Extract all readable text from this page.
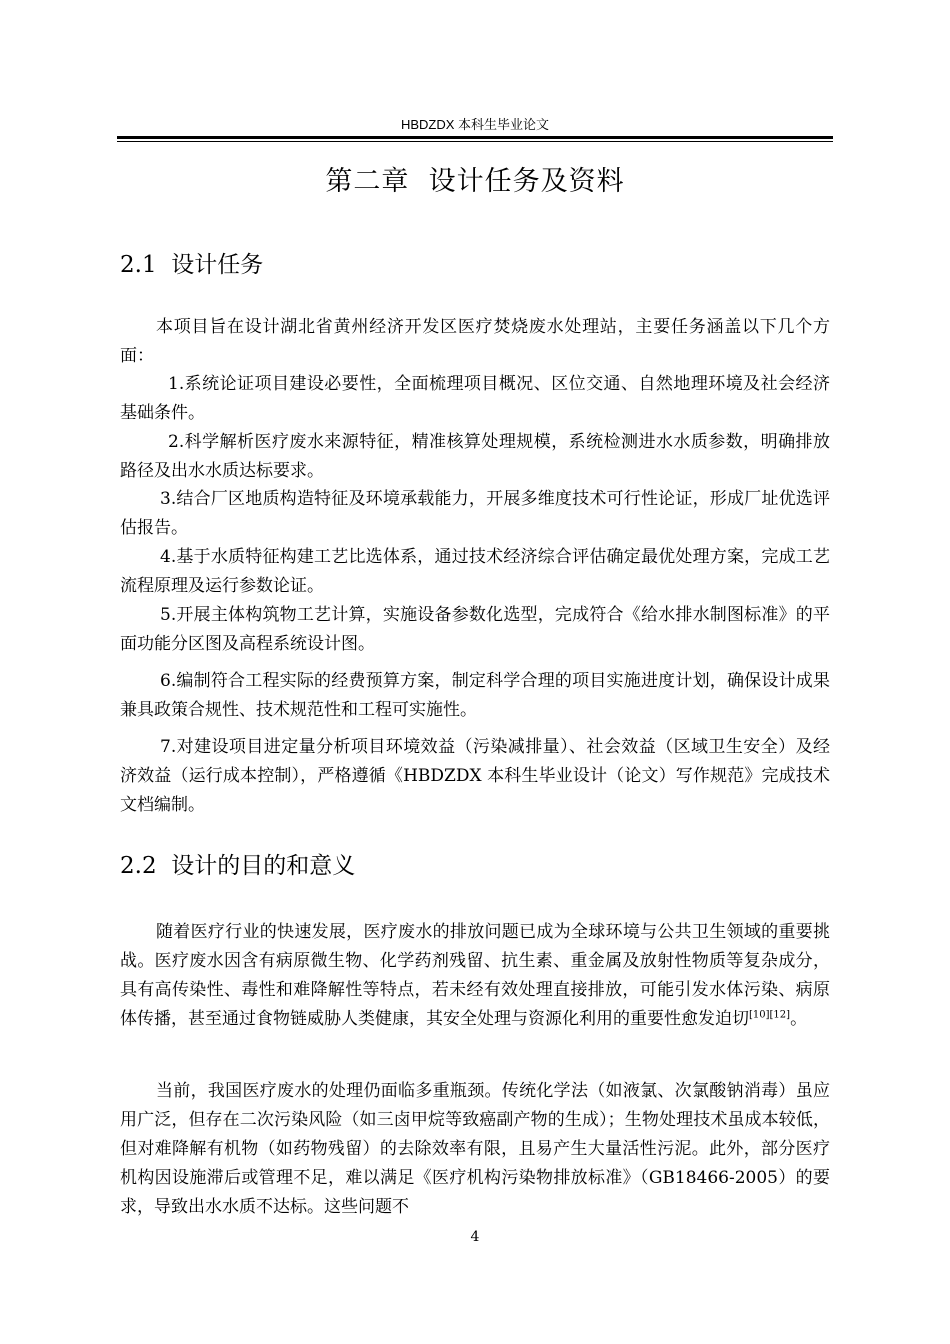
HBDZDX 本科生毕业论文
第二章  设计任务及资料
2.1  设计任务

本项目旨在设计湖北省黄州经济开发区医疗焚烧废水处理站，主要任务涵盖以下几个方面：

1.系统论证项目建设必要性，全面梳理项目概况、区位交通、自然地理环境及社会经济基础条件。

2.科学解析医疗废水来源特征，精准核算处理规模，系统检测进水水质参数，明确排放路径及出水水质达标要求。

3.结合厂区地质构造特征及环境承载能力，开展多维度技术可行性论证，形成厂址优选评估报告。

4.基于水质特征构建工艺比选体系，通过技术经济综合评估确定最优处理方案，完成工艺流程原理及运行参数论证。

5.开展主体构筑物工艺计算，实施设备参数化选型，完成符合《给水排水制图标准》的平面功能分区图及高程系统设计图。

6.编制符合工程实际的经费预算方案，制定科学合理的项目实施进度计划，确保设计成果兼具政策合规性、技术规范性和工程可实施性。

7.对建设项目进定量分析项目环境效益（污染减排量）、社会效益（区域卫生安全）及经济效益（运行成本控制），严格遵循《HBDZDX 本科生毕业设计（论文）写作规范》完成技术文档编制。

2.2  设计的目的和意义

随着医疗行业的快速发展，医疗废水的排放问题已成为全球环境与公共卫生领域的重要挑战。医疗废水因含有病原微生物、化学药剂残留、抗生素、重金属及放射性物质等复杂成分，具有高传染性、毒性和难降解性等特点，若未经有效处理直接排放，可能引发水体污染、病原体传播，甚至通过食物链威胁人类健康，其安全处理与资源化利用的重要性愈发迫切[10][12]。

当前，我国医疗废水的处理仍面临多重瓶颈。传统化学法（如液氯、次氯酸钠消毒）虽应用广泛，但存在二次污染风险（如三卤甲烷等致癌副产物的生成）；生物处理技术虽成本较低，但对难降解有机物（如药物残留）的去除效率有限，且易产生大量活性污泥。此外，部分医疗机构因设施滞后或管理不足，难以满足《医疗机构污染物排放标准》（GB18466-2005）的要求，导致出水水质不达标。这些问题不

4
